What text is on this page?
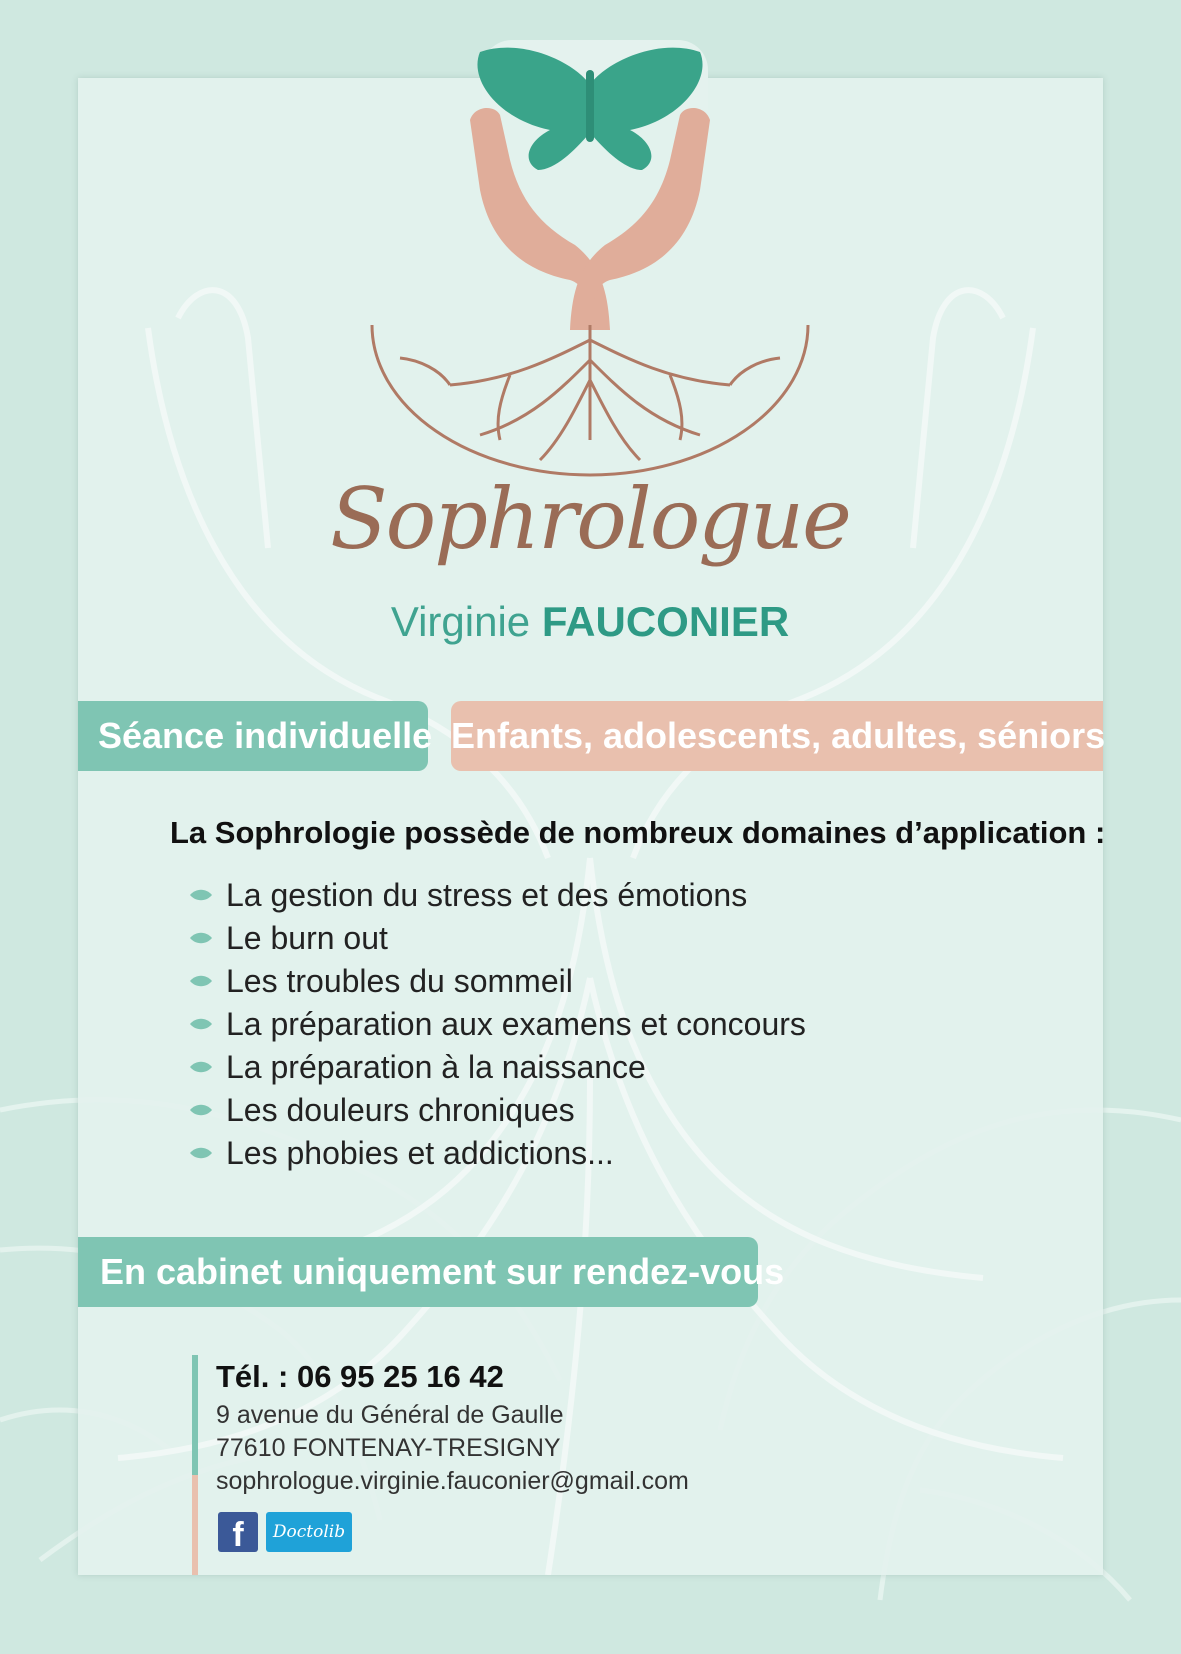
Sophrologue
Virginie FAUCONIER
Séance individuelle Enfants, adolescents, adultes, séniors
La Sophrologie possède de nombreux domaines d’application :
La gestion du stress et des émotions
Le burn out
Les troubles du sommeil
La préparation aux examens et concours
La préparation à la naissance
Les douleurs chroniques
Les phobies et addictions...
En cabinet uniquement sur rendez-vous
Tél. : 06 95 25 16 42
9 avenue du Général de Gaulle
77610 FONTENAY-TRESIGNY
sophrologue.virginie.fauconier@gmail.com
f	Doctolib
